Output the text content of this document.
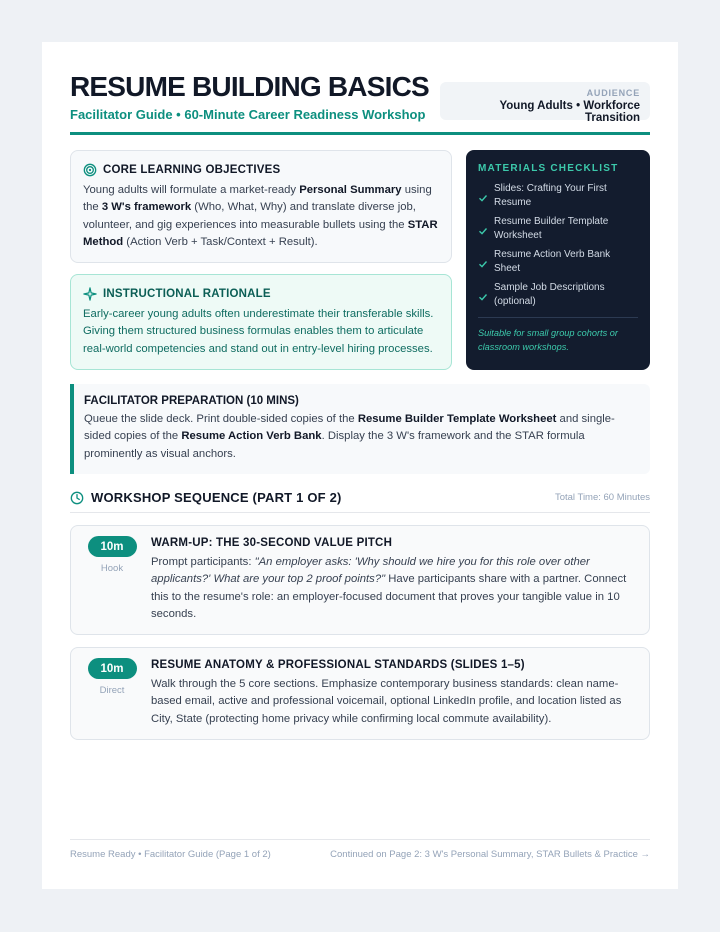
RESUME BUILDING BASICS
Facilitator Guide • 60-Minute Career Readiness Workshop
AUDIENCE
Young Adults • Workforce Transition
CORE LEARNING OBJECTIVES
Young adults will formulate a market-ready Personal Summary using the 3 W's framework (Who, What, Why) and translate diverse job, volunteer, and gig experiences into measurable bullets using the STAR Method (Action Verb + Task/Context + Result).
INSTRUCTIONAL RATIONALE
Early-career young adults often underestimate their transferable skills. Giving them structured business formulas enables them to articulate real-world competencies and stand out in entry-level hiring processes.
MATERIALS CHECKLIST
Slides: Crafting Your First Resume
Resume Builder Template Worksheet
Resume Action Verb Bank Sheet
Sample Job Descriptions (optional)
Suitable for small group cohorts or classroom workshops.
FACILITATOR PREPARATION (10 MINS)
Queue the slide deck. Print double-sided copies of the Resume Builder Template Worksheet and single-sided copies of the Resume Action Verb Bank. Display the 3 W's framework and the STAR formula prominently as visual anchors.
WORKSHOP SEQUENCE (PART 1 OF 2)	Total Time: 60 Minutes
10m
Hook
WARM-UP: THE 30-SECOND VALUE PITCH
Prompt participants: "An employer asks: 'Why should we hire you for this role over other applicants?' What are your top 2 proof points?" Have participants share with a partner. Connect this to the resume's role: an employer-focused document that proves your tangible value in 10 seconds.
10m
Direct
RESUME ANATOMY & PROFESSIONAL STANDARDS (SLIDES 1–5)
Walk through the 5 core sections. Emphasize contemporary business standards: clean name-based email, active and professional voicemail, optional LinkedIn profile, and location listed as City, State (protecting home privacy while confirming local commute availability).
Resume Ready • Facilitator Guide (Page 1 of 2)	Continued on Page 2: 3 W's Personal Summary, STAR Bullets & Practice →
